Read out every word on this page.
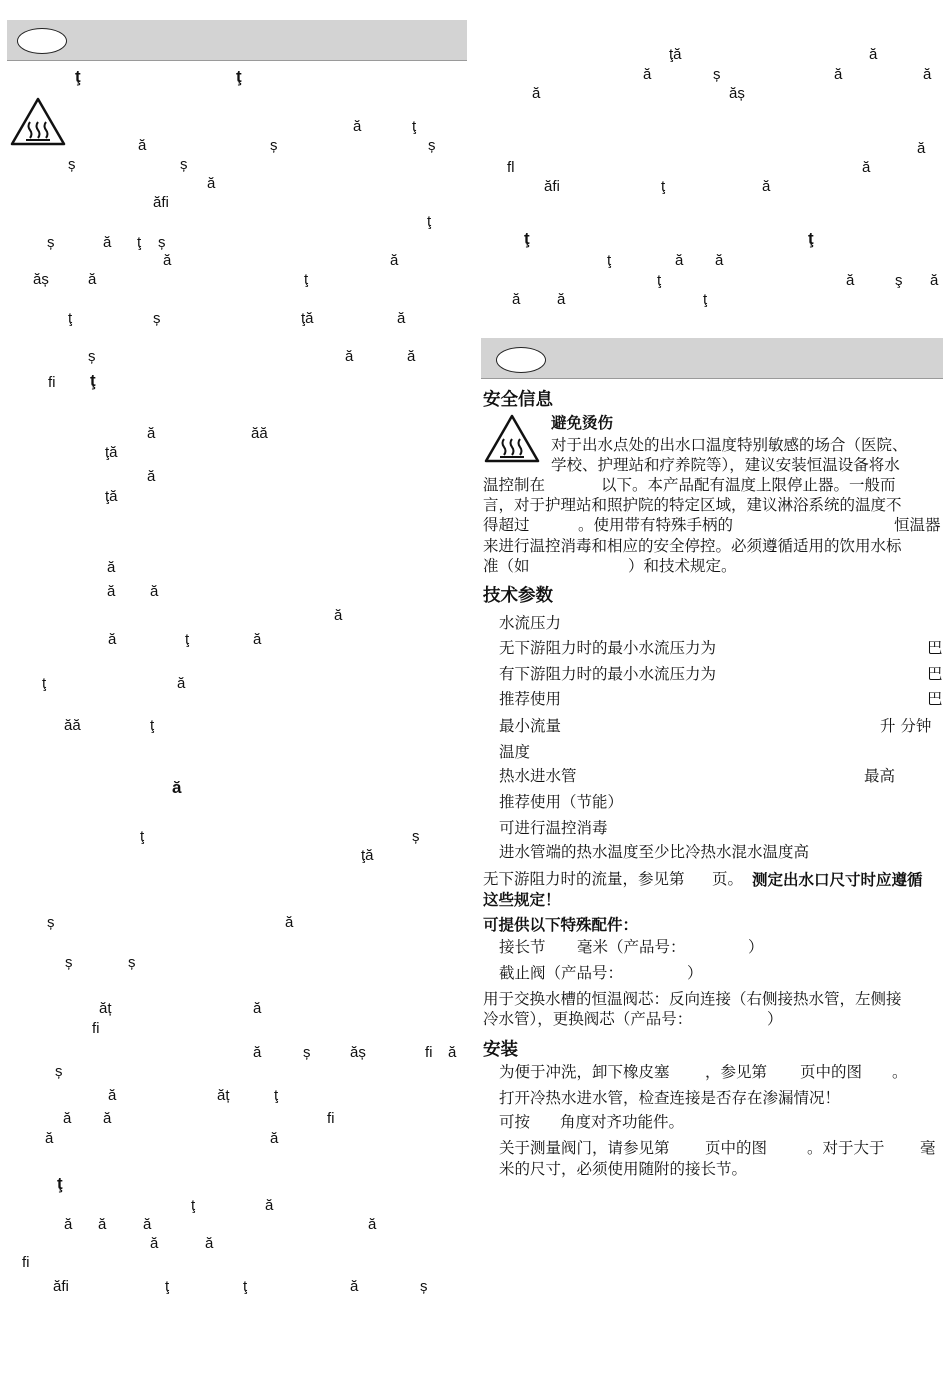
ţ	ţ
ă	ţ
ă	ș	ș
ș	ș
ă
ăﬁ
ţ
ș	ă ţ ș
ă	ă
ăș	ă	ţ
ţ	ș	ţă	ă
ș	ă	ă
ﬁ ţ
ă	ăă
ţă
ă
ţă
ă
ă ă
ă
ă	ţ	ă
ţ	ă
ăă	ţ
ă
ţ	ș
ţă
ș	ă
ș	ș
ăț	ă
ﬁ
ă	ș	ăș	ﬁ ă
ș
ă	ăț	ţ
ă ă	ﬁ
ă	ă
ţ
ţ	ă
ă ă ă	ă
ă	ă
ﬁ
ăﬁ	ţ	ţ	ă	ș
ţă	ă
ă	ș	ă	ă
ă	ăș
ă
ﬂ	ă
ăﬁ	ţ	ă
ţ	ţ
ţ	ă ă
ţ	ă	ş ă
ă ă	ţ
安全信息
避免烫伤
对于出水点处的出水口温度特别敏感的场合（医院、
学校、护理站和疗养院等），建议安装恒温设备将水
温控制在	以下。本产品配有温度上限停止器。一般而
言，对于护理站和照护院的特定区域，建议淋浴系统的温度不
得超过	。使用带有特殊手柄的	恒温器
来进行温控消毒和相应的安全停控。必须遵循适用的饮用水标
准（如	）和技术规定。
技术参数
水流压力
无下游阻力时的最小水流压力为	巴
有下游阻力时的最小水流压力为	巴
推荐使用	巴
最小流量	升 分钟
温度
热水进水管	最高
推荐使用（节能）
可进行温控消毒
进水管端的热水温度至少比冷热水混水温度高
无下游阻力时的流量，参见第 页。 测定出水口尺寸时应遵循
这些规定！
可提供以下特殊配件：
接长节 毫米（产品号：	）
截止阀（产品号：	）
用于交换水槽的恒温阀芯：反向连接（右侧接热水管，左侧接
冷水管），更换阀芯（产品号：	）
安装
为便于冲洗，卸下橡皮塞 ，参见第 页中的图 。
打开冷热水进水管，检查连接是否存在渗漏情况！
可按 角度对齐功能件。
关于测量阀门，请参见第 页中的图	。对于大于 毫
米的尺寸，必须使用随附的接长节。
